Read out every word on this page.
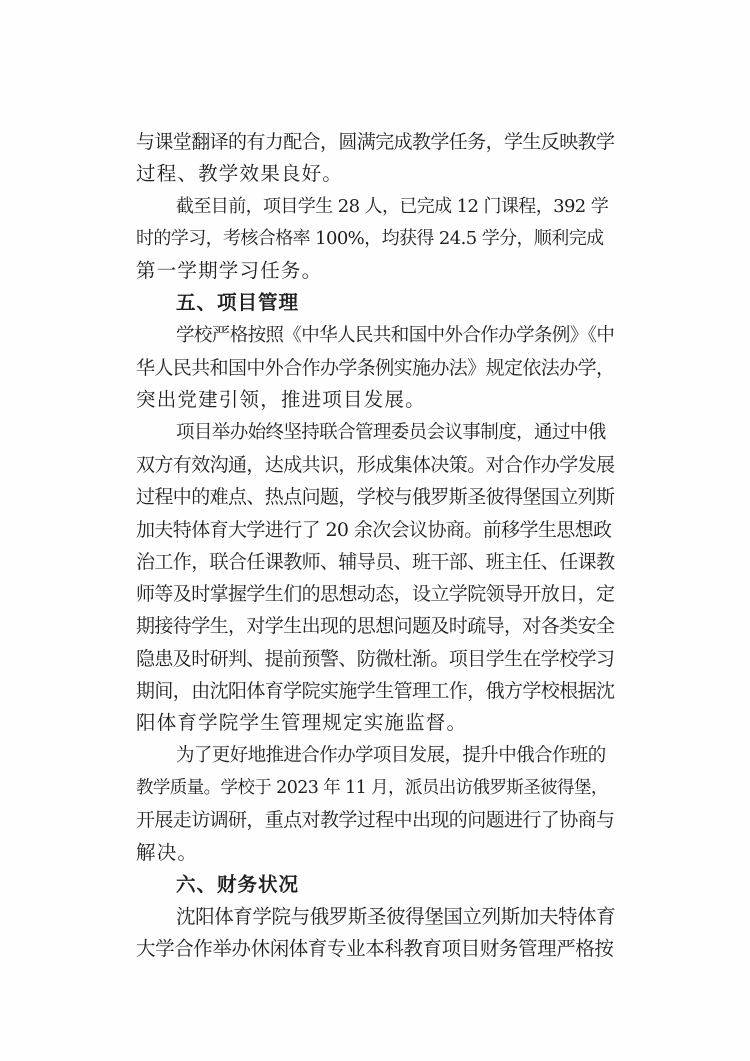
与课堂翻译的有力配合，圆满完成教学任务，学生反映教学
过程、教学效果良好。
截至目前，项目学生 28 人，已完成 12 门课程，392 学
时的学习，考核合格率 100%，均获得 24.5 学分，顺利完成
第一学期学习任务。
五、项目管理
学校严格按照《中华人民共和国中外合作办学条例》《中
华人民共和国中外合作办学条例实施办法》规定依法办学，
突出党建引领，推进项目发展。
项目举办始终坚持联合管理委员会议事制度，通过中俄
双方有效沟通，达成共识，形成集体决策。对合作办学发展
过程中的难点、热点问题，学校与俄罗斯圣彼得堡国立列斯
加夫特体育大学进行了 20 余次会议协商。前移学生思想政
治工作，联合任课教师、辅导员、班干部、班主任、任课教
师等及时掌握学生们的思想动态，设立学院领导开放日，定
期接待学生，对学生出现的思想问题及时疏导，对各类安全
隐患及时研判、提前预警、防微杜渐。项目学生在学校学习
期间，由沈阳体育学院实施学生管理工作，俄方学校根据沈
阳体育学院学生管理规定实施监督。
为了更好地推进合作办学项目发展，提升中俄合作班的
教学质量。学校于 2023 年 11 月，派员出访俄罗斯圣彼得堡，
开展走访调研，重点对教学过程中出现的问题进行了协商与
解决。
六、财务状况
沈阳体育学院与俄罗斯圣彼得堡国立列斯加夫特体育
大学合作举办休闲体育专业本科教育项目财务管理严格按
